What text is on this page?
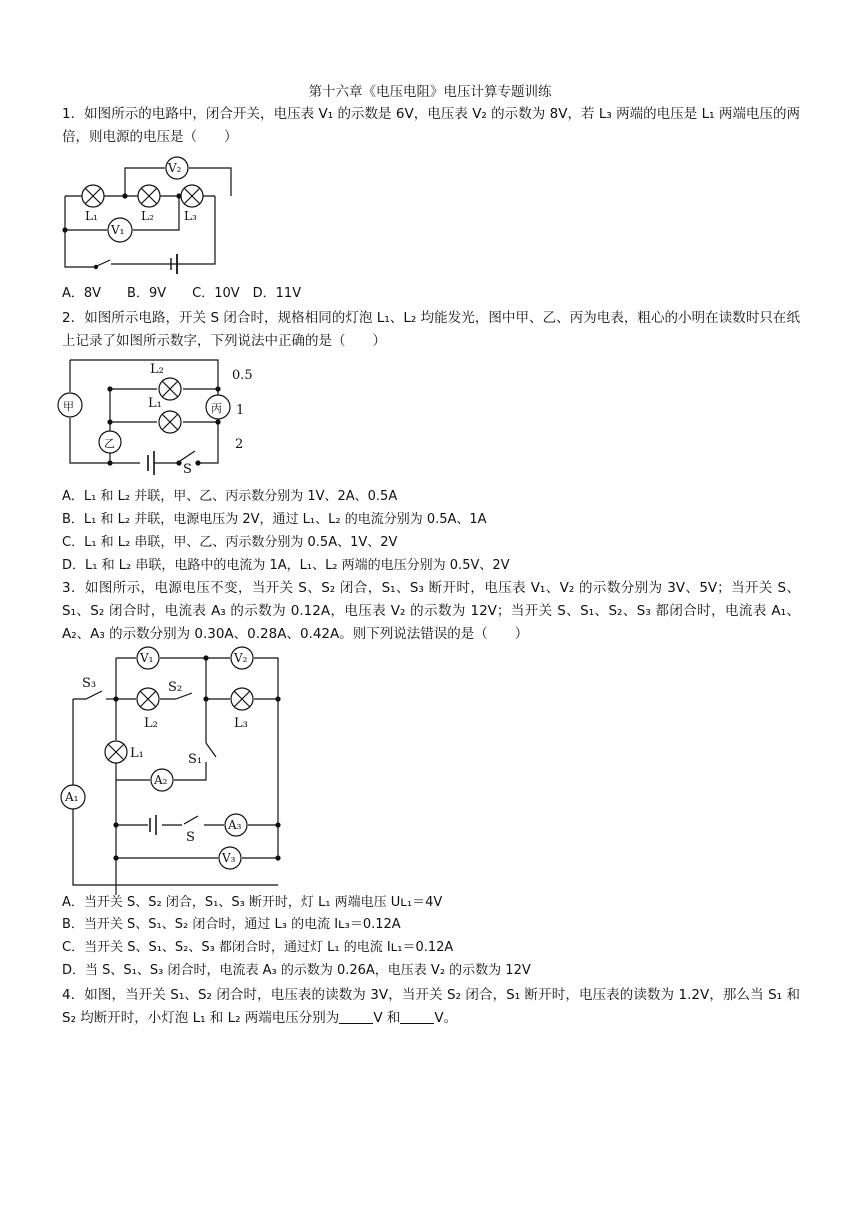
第十六章《电压电阻》电压计算专题训练
1．如图所示的电路中，闭合开关，电压表 V₁ 的示数是 6V，电压表 V₂ 的示数为 8V，若 L₃ 两端的电压是 L₁ 两端电压的两倍，则电源的电压是（　　）
V₂
V₁
L₁	L₂	L₃
A．8V　　B．9V　　C．10V　D．11V
2．如图所示电路，开关 S 闭合时，规格相同的灯泡 L₁、L₂ 均能发光，图中甲、乙、丙为电表，粗心的小明在读数时只在纸上记录了如图所示数字，下列说法中正确的是（　　）
甲	丙
乙
L₂
L₁
S
0.5
1
2
A．L₁ 和 L₂ 并联，甲、乙、丙示数分别为 1V、2A、0.5A
B．L₁ 和 L₂ 并联，电源电压为 2V，通过 L₁、L₂ 的电流分别为 0.5A、1A
C．L₁ 和 L₂ 串联，甲、乙、丙示数分别为 0.5A、1V、2V
D．L₁ 和 L₂ 串联，电路中的电流为 1A，L₁、L₂ 两端的电压分别为 0.5V、2V
3．如图所示，电源电压不变，当开关 S、S₂ 闭合，S₁、S₃ 断开时，电压表 V₁、V₂ 的示数分别为 3V、5V；当开关 S、S₁、S₂ 闭合时，电流表 A₃ 的示数为 0.12A，电压表 V₂ 的示数为 12V；当开关 S、S₁、S₂、S₃ 都闭合时，电流表 A₁、A₂、A₃ 的示数分别为 0.30A、0.28A、0.42A。则下列说法错误的是（　　）
V₁	V₂
V₃
A₁
A₂
A₃
S₃	S₂
S₁
S
L₂	L₃
L₁
A．当开关 S、S₂ 闭合，S₁、S₃ 断开时，灯 L₁ 两端电压 Uʟ₁＝4V
B．当开关 S、S₁、S₂ 闭合时，通过 L₃ 的电流 Iʟ₃＝0.12A
C．当开关 S、S₁、S₂、S₃ 都闭合时，通过灯 L₁ 的电流 Iʟ₁＝0.12A
D．当 S、S₁、S₃ 闭合时，电流表 A₃ 的示数为 0.26A，电压表 V₂ 的示数为 12V
4．如图，当开关 S₁、S₂ 闭合时，电压表的读数为 3V，当开关 S₂ 闭合，S₁ 断开时，电压表的读数为 1.2V，那么当 S₁ 和 S₂ 均断开时，小灯泡 L₁ 和 L₂ 两端电压分别为	V 和	V。
